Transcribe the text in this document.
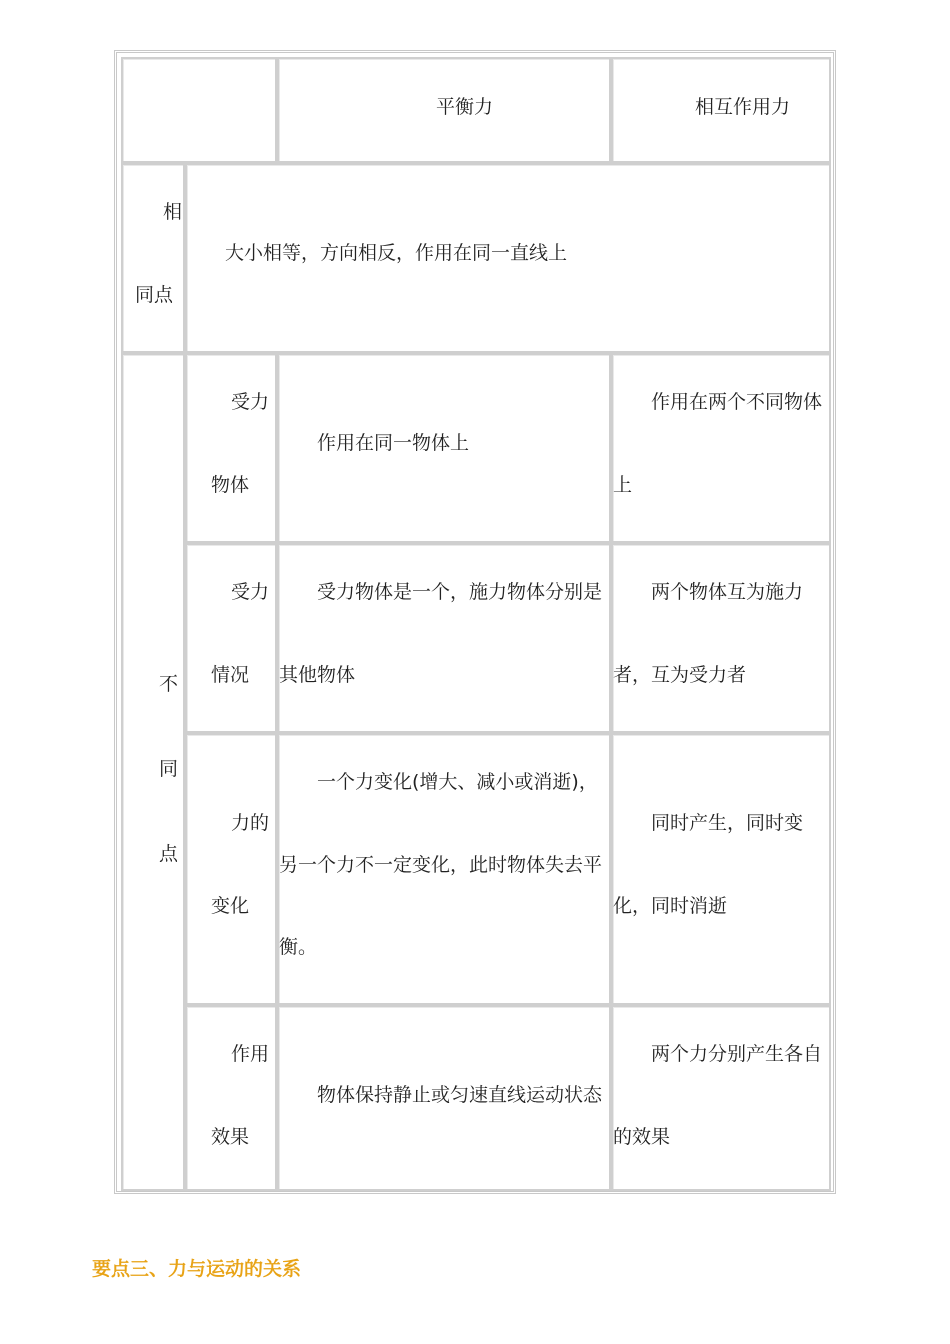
平衡力	相互作用力
相
同点
大小相等，方向相反，作用在同一直线上
不
同
点
受力
物体
作用在同一物体上
作用在两个不同物体
上
受力
情况
受力物体是一个，施力物体分别是
其他物体
两个物体互为施力
者，互为受力者
力的
变化
一个力变化(增大、减小或消逝)，
另一个力不一定变化，此时物体失去平
衡。
同时产生，同时变
化，同时消逝
作用
效果
物体保持静止或匀速直线运动状态
两个力分别产生各自
的效果
要点三、力与运动的关系
